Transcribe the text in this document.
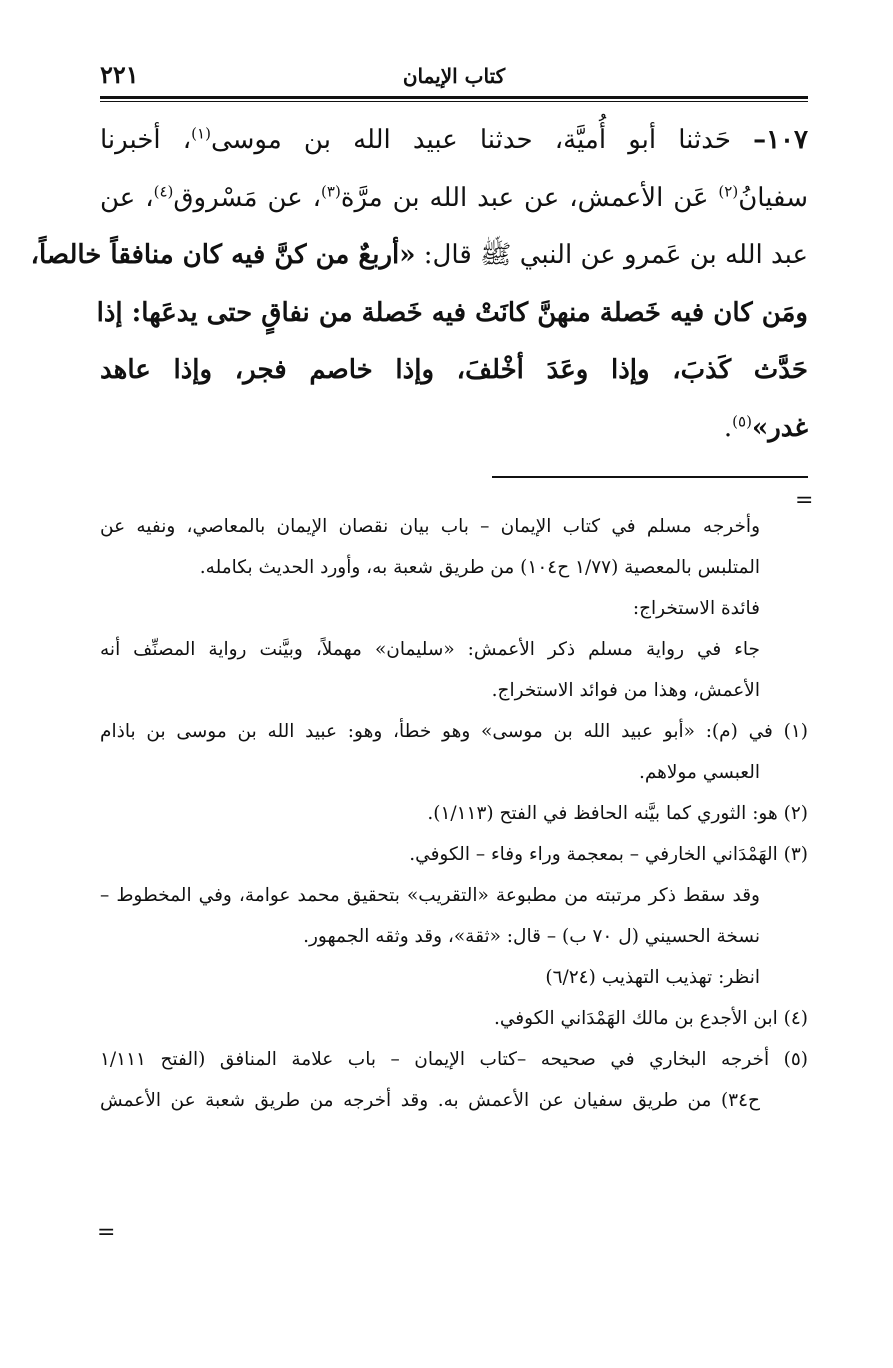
٢٢١	كتاب الإيمان
١٠٧– حَدثنا أبو أُميَّة، حدثنا عبيد الله بن موسى$^{(١)}$، أخبرنا
سفيانُ$^{(٢)}$ عَن الأعمش، عن عبد الله بن مرَّة$^{(٣)}$، عن مَسْروق$^{(٤)}$، عن
عبد الله بن عَمرو عن النبي ﷺ قال: «أربعٌ من كنَّ فيه كان منافقاً خالصاً،
ومَن كان فيه خَصلة منهنَّ كانَتْ فيه خَصلة من نفاقٍ حتى يدعَها: إذا
حَدَّث كَذبَ، وإذا وعَدَ أخْلفَ، وإذا خاصم فجر، وإذا عاهد
غدر»$^{(٥)}$.
=
وأخرجه مسلم في كتاب الإيمان – باب بيان نقصان الإيمان بالمعاصي، ونفيه عن
المتلبس بالمعصية (١/٧٧ ح١٠٤) من طريق شعبة به، وأورد الحديث بكامله.
فائدة الاستخراج:
جاء في رواية مسلم ذكر الأعمش: «سليمان» مهملاً، وبيَّنت رواية المصنِّف أنه
الأعمش، وهذا من فوائد الاستخراج.
(١) في (م): «أبو عبيد الله بن موسى» وهو خطأ، وهو: عبيد الله بن موسى بن باذام
العبسي مولاهم.
(٢) هو: الثوري كما بيَّنه الحافظ في الفتح (١/١١٣).
(٣) الهَمْدَاني الخارفي – بمعجمة وراء وفاء – الكوفي.
وقد سقط ذكر مرتبته من مطبوعة «التقريب» بتحقيق محمد عوامة، وفي المخطوط –
نسخة الحسيني (ل ٧٠ ب) – قال: «ثقة»، وقد وثقه الجمهور.
انظر: تهذيب التهذيب (٦/٢٤)
(٤) ابن الأجدع بن مالك الهَمْدَاني الكوفي.
(٥) أخرجه البخاري في صحيحه –كتاب الإيمان – باب علامة المنافق (الفتح ١/١١١
ح٣٤) من طريق سفيان عن الأعمش به. وقد أخرجه من طريق شعبة عن الأعمش
=
